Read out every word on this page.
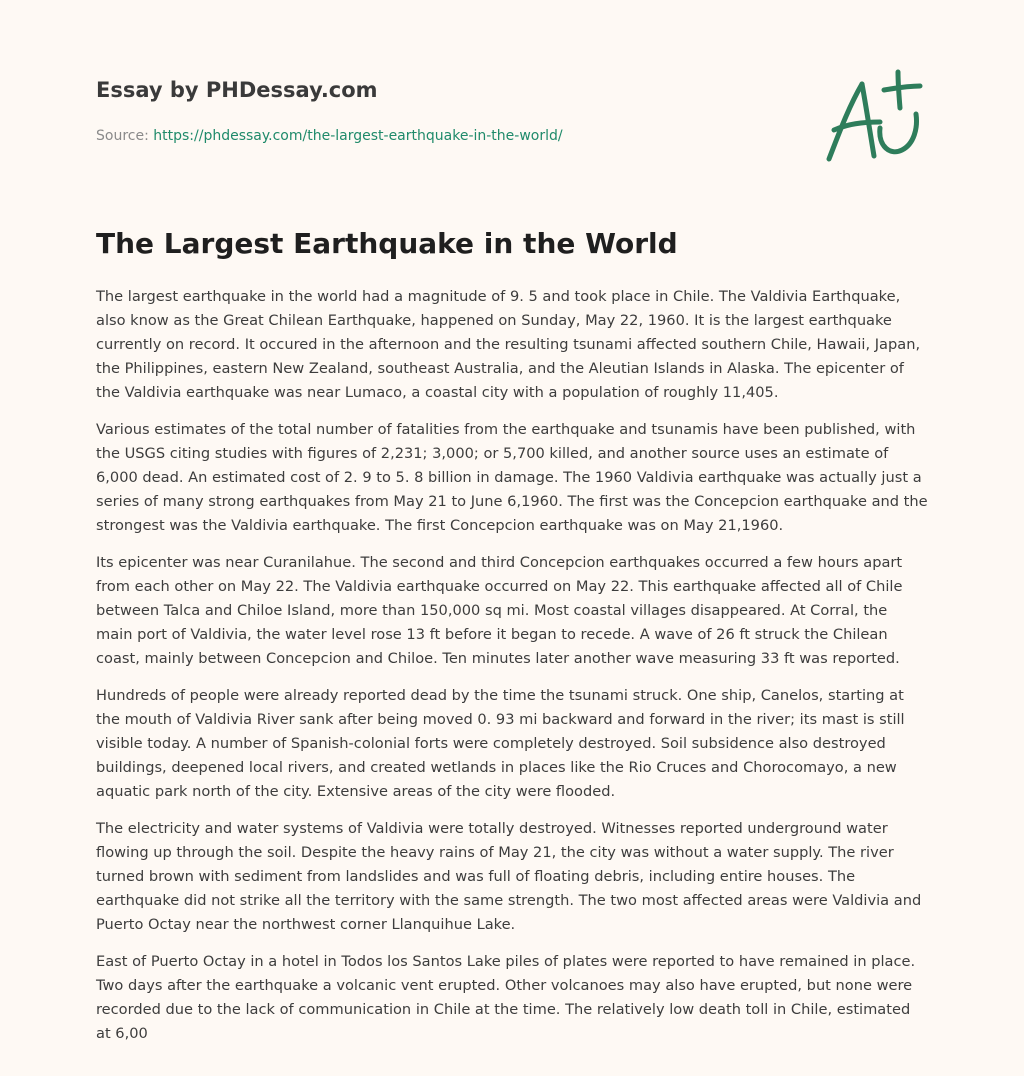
Essay by PHDessay.com
Source: https://phdessay.com/the-largest-earthquake-in-the-world/
The Largest Earthquake in the World

The largest earthquake in the world had a magnitude of 9. 5 and took place in Chile. The Valdivia Earthquake, also know as the Great Chilean Earthquake, happened on Sunday, May 22, 1960. It is the largest earthquake currently on record. It occured in the afternoon and the resulting tsunami affected southern Chile, Hawaii, Japan, the Philippines, eastern New Zealand, southeast Australia, and the Aleutian Islands in Alaska. The epicenter of the Valdivia earthquake was near Lumaco, a coastal city with a population of roughly 11,405.

Various estimates of the total number of fatalities from the earthquake and tsunamis have been published, with the USGS citing studies with figures of 2,231; 3,000; or 5,700 killed, and another source uses an estimate of 6,000 dead. An estimated cost of 2. 9 to 5. 8 billion in damage. The 1960 Valdivia earthquake was actually just a series of many strong earthquakes from May 21 to June 6,1960. The first was the Concepcion earthquake and the strongest was the Valdivia earthquake. The first Concepcion earthquake was on May 21,1960.

Its epicenter was near Curanilahue. The second and third Concepcion earthquakes occurred a few hours apart from each other on May 22. The Valdivia earthquake occurred on May 22. This earthquake affected all of Chile between Talca and Chiloe Island, more than 150,000 sq mi. Most coastal villages disappeared. At Corral, the main port of Valdivia, the water level rose 13 ft before it began to recede. A wave of 26 ft struck the Chilean coast, mainly between Concepcion and Chiloe. Ten minutes later another wave measuring 33 ft was reported.

Hundreds of people were already reported dead by the time the tsunami struck. One ship, Canelos, starting at the mouth of Valdivia River sank after being moved 0. 93 mi backward and forward in the river; its mast is still visible today. A number of Spanish-colonial forts were completely destroyed. Soil subsidence also destroyed buildings, deepened local rivers, and created wetlands in places like the Rio Cruces and Chorocomayo, a new aquatic park north of the city. Extensive areas of the city were flooded.

The electricity and water systems of Valdivia were totally destroyed. Witnesses reported underground water flowing up through the soil. Despite the heavy rains of May 21, the city was without a water supply. The river turned brown with sediment from landslides and was full of floating debris, including entire houses. The earthquake did not strike all the territory with the same strength. The two most affected areas were Valdivia and Puerto Octay near the northwest corner Llanquihue Lake.

East of Puerto Octay in a hotel in Todos los Santos Lake piles of plates were reported to have remained in place. Two days after the earthquake a volcanic vent erupted. Other volcanoes may also have erupted, but none were recorded due to the lack of communication in Chile at the time. The relatively low death toll in Chile, estimated at 6,00
